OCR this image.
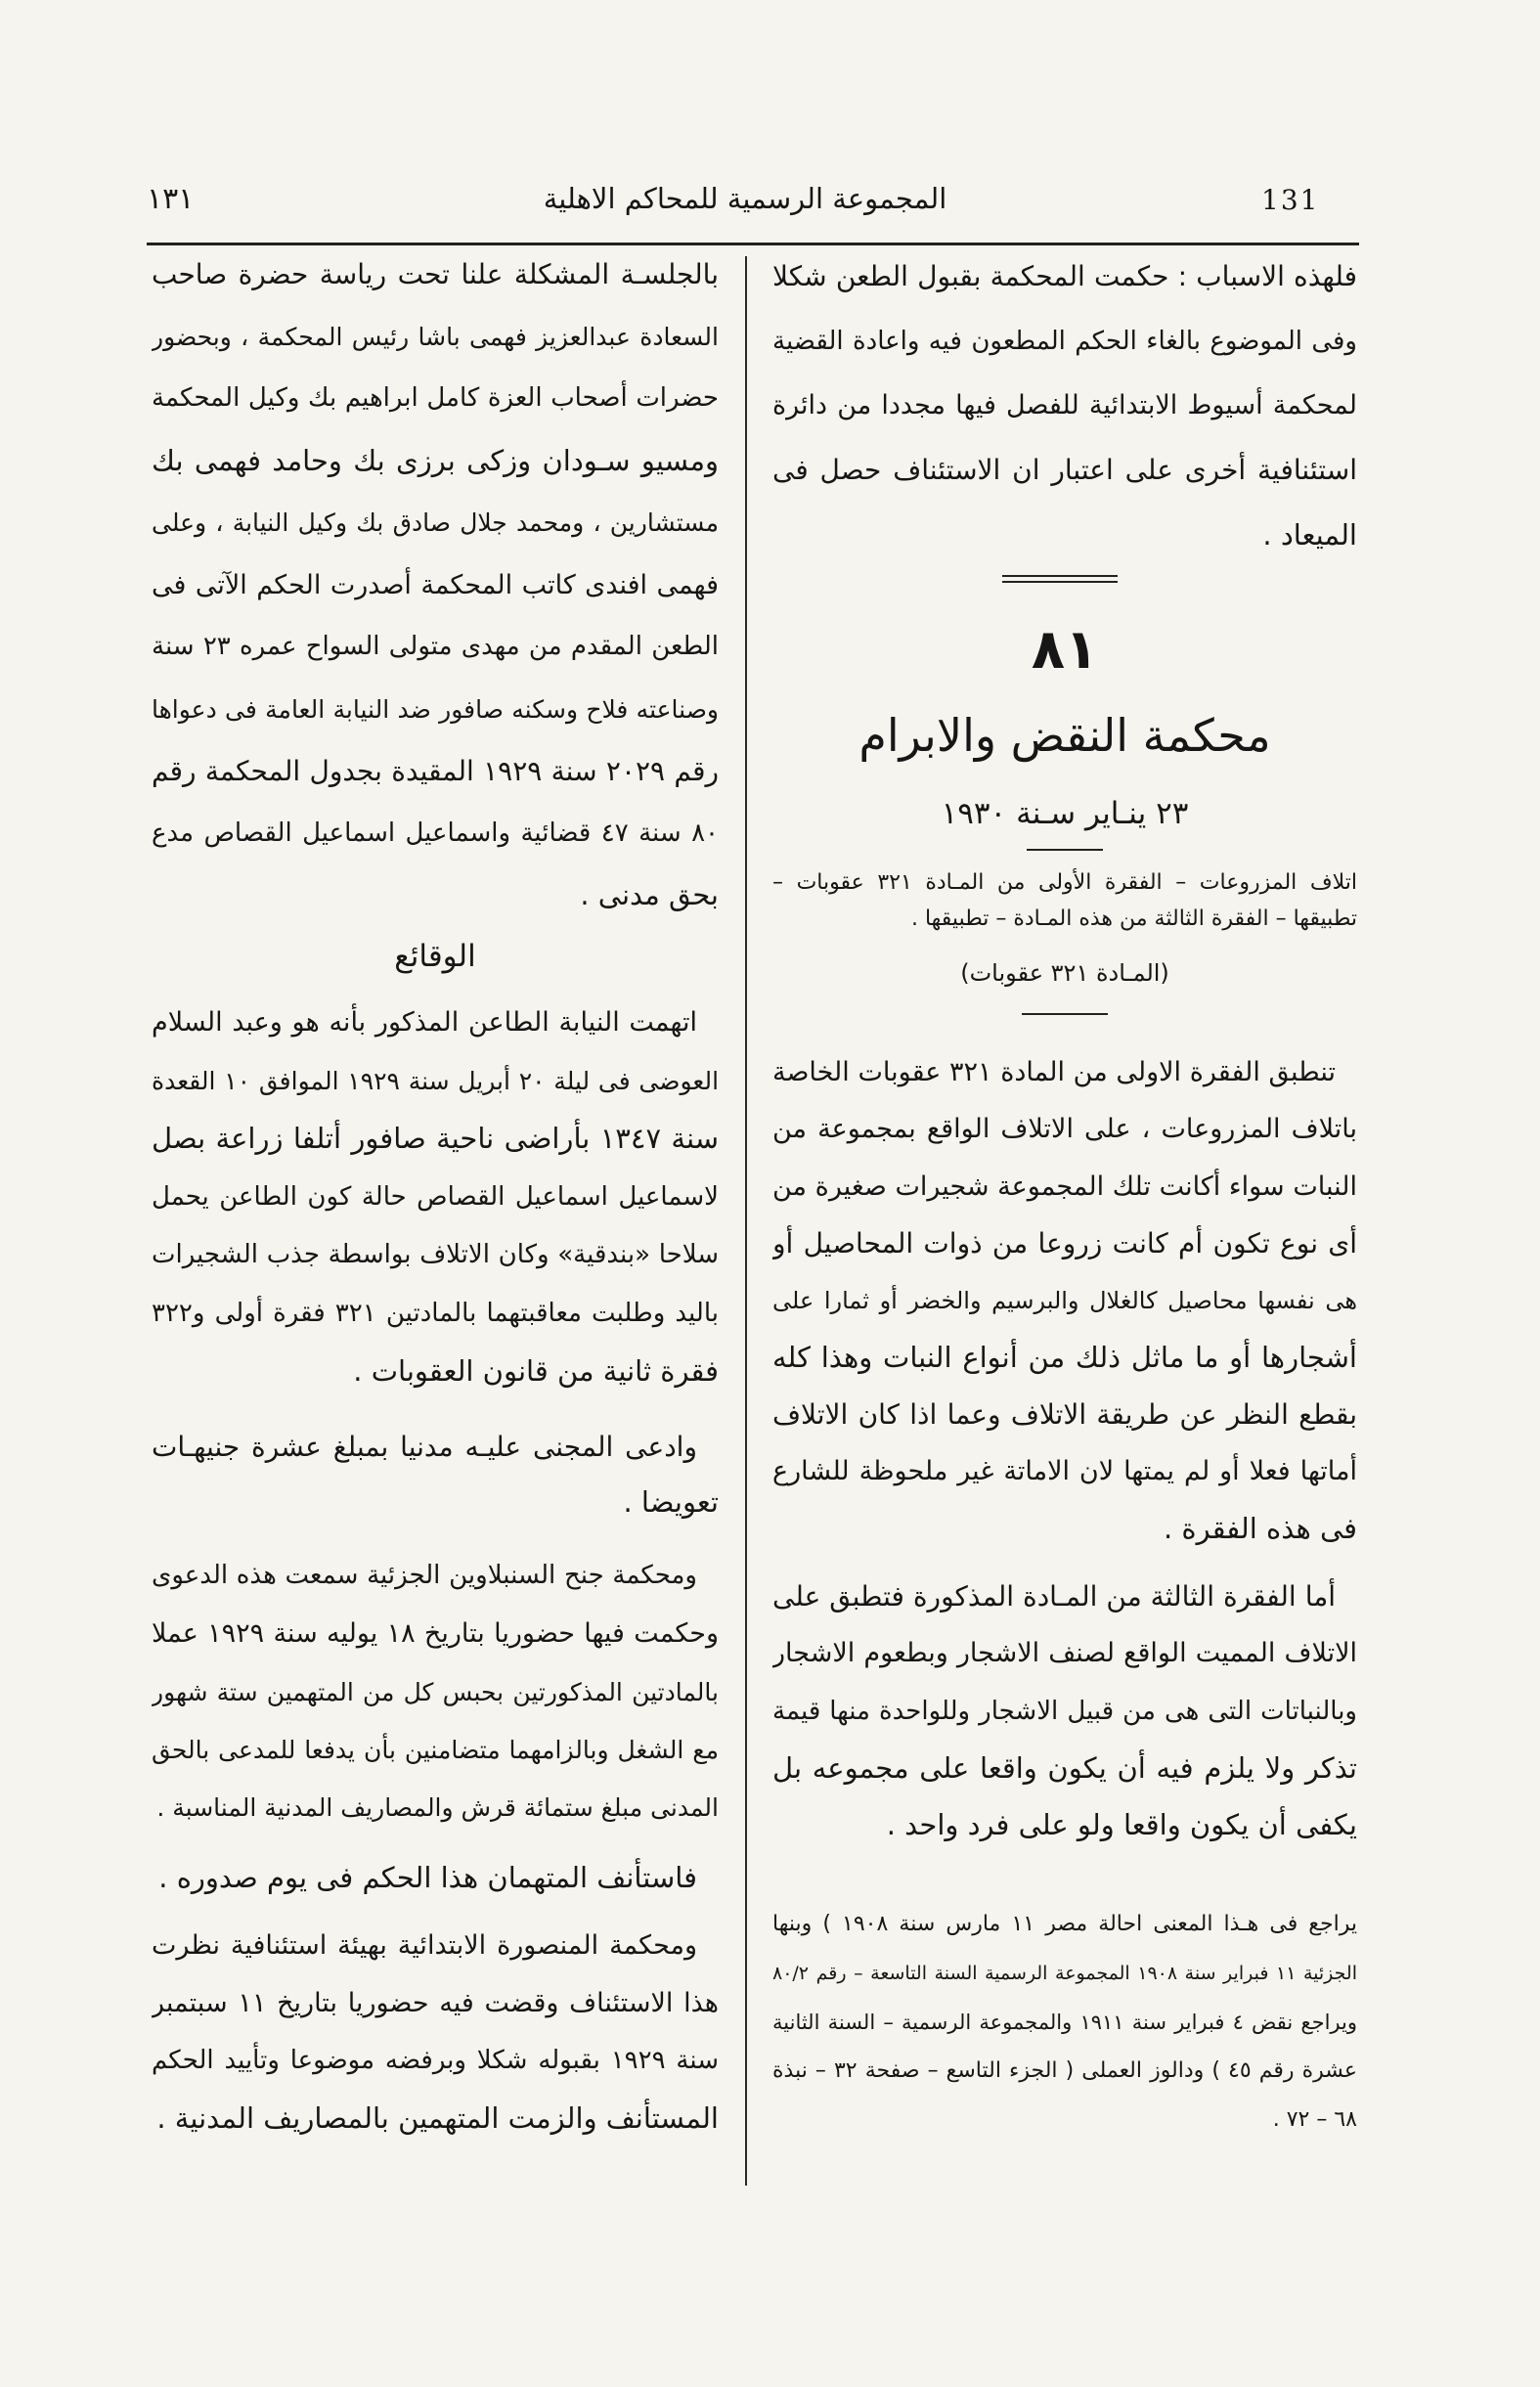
١٣١	المجموعة الرسمية للمحاكم الاهلية	131
فلهذه الاسباب : حكمت المحكمة بقبول الطعن شكلا
وفى الموضوع بالغاء الحكم المطعون فيه واعادة القضية
لمحكمة أسيوط الابتدائية للفصل فيها مجددا من دائرة
استئنافية أخرى على اعتبار ان الاستئناف حصل فى
الميعاد .
٨١
محكمة النقض والابرام
٢٣ ينـاير سـنة ١٩٣٠
اتلاف المزروعات – الفقرة الأولى من المـادة ٣٢١ عقوبات –
تطبيقها – الفقرة الثالثة من هذه المـادة – تطبيقها .
(المـادة ٣٢١ عقوبات)
تنطبق الفقرة الاولى من المادة ٣٢١ عقوبات الخاصة
باتلاف المزروعات ، على الاتلاف الواقع بمجموعة من
النبات سواء أكانت تلك المجموعة شجيرات صغيرة من
أى نوع تكون أم كانت زروعا من ذوات المحاصيل أو
هى نفسها محاصيل كالغلال والبرسيم والخضر أو ثمارا على
أشجارها أو ما ماثل ذلك من أنواع النبات وهذا كله
بقطع النظر عن طريقة الاتلاف وعما اذا كان الاتلاف
أماتها فعلا أو لم يمتها لان الاماتة غير ملحوظة للشارع
فى هذه الفقرة .
أما الفقرة الثالثة من المـادة المذكورة فتطبق على
الاتلاف المميت الواقع لصنف الاشجار وبطعوم الاشجار
وبالنباتات التى هى من قبيل الاشجار وللواحدة منها قيمة
تذكر ولا يلزم فيه أن يكون واقعا على مجموعه بل
يكفى أن يكون واقعا ولو على فرد واحد .
يراجع فى هـذا المعنى احالة مصر ١١ مارس سنة ١٩٠٨ ) وبنها
الجزئية ١١ فبراير سنة ١٩٠٨ المجموعة الرسمية السنة التاسعة – رقم ٨٠/٢
ويراجع نقض ٤ فبراير سنة ١٩١١ والمجموعة الرسمية – السنة الثانية
عشرة رقم ٤٥ ) ودالوز العملى ( الجزء التاسع – صفحة ٣٢ – نبذة
٦٨ – ٧٢ .
بالجلسـة المشكلة علنا تحت رياسة حضرة صاحب
السعادة عبدالعزيز فهمى باشا رئيس المحكمة ، وبحضور
حضرات أصحاب العزة كامل ابراهيم بك وكيل المحكمة
ومسيو سـودان وزكى برزى بك وحامد فهمى بك
مستشارين ، ومحمد جلال صادق بك وكيل النيابة ، وعلى
فهمى افندى كاتب المحكمة أصدرت الحكم الآتى فى
الطعن المقدم من مهدى متولى السواح عمره ٢٣ سنة
وصناعته فلاح وسكنه صافور ضد النيابة العامة فى دعواها
رقم ٢٠٢٩ سنة ١٩٢٩ المقيدة بجدول المحكمة رقم
٨٠ سنة ٤٧ قضائية واسماعيل اسماعيل القصاص مدع
بحق مدنى .
الوقائع
اتهمت النيابة الطاعن المذكور بأنه هو وعبد السلام
العوضى فى ليلة ٢٠ أبريل سنة ١٩٢٩ الموافق ١٠ القعدة
سنة ١٣٤٧ بأراضى ناحية صافور أتلفا زراعة بصل
لاسماعيل اسماعيل القصاص حالة كون الطاعن يحمل
سلاحا «بندقية» وكان الاتلاف بواسطة جذب الشجيرات
باليد وطلبت معاقبتهما بالمادتين ٣٢١ فقرة أولى و٣٢٢
فقرة ثانية من قانون العقوبات .
وادعى المجنى عليـه مدنيا بمبلغ عشرة جنيهـات
تعويضا .
ومحكمة جنح السنبلاوين الجزئية سمعت هذه الدعوى
وحكمت فيها حضوريا بتاريخ ١٨ يوليه سنة ١٩٢٩ عملا
بالمادتين المذكورتين بحبس كل من المتهمين ستة شهور
مع الشغل وبالزامهما متضامنين بأن يدفعا للمدعى بالحق
المدنى مبلغ ستمائة قرش والمصاريف المدنية المناسبة .
فاستأنف المتهمان هذا الحكم فى يوم صدوره .
ومحكمة المنصورة الابتدائية بهيئة استئنافية نظرت
هذا الاستئناف وقضت فيه حضوريا بتاريخ ١١ سبتمبر
سنة ١٩٢٩ بقبوله شكلا وبرفضه موضوعا وتأييد الحكم
المستأنف والزمت المتهمين بالمصاريف المدنية .
